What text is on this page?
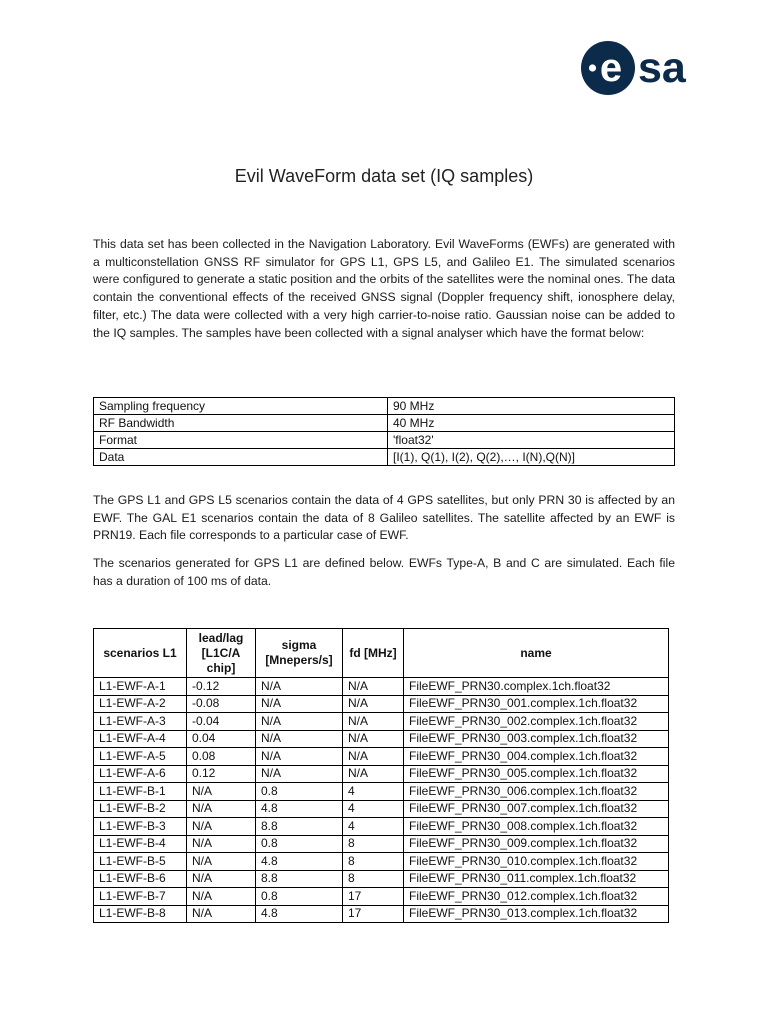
e sa
Evil WaveForm data set (IQ samples)
This data set has been collected in the Navigation Laboratory. Evil WaveForms (EWFs) are generated with a multiconstellation GNSS RF simulator for GPS L1, GPS L5, and Galileo E1. The simulated scenarios were configured to generate a static position and the orbits of the satellites were the nominal ones. The data contain the conventional effects of the received GNSS signal (Doppler frequency shift, ionosphere delay, filter, etc.) The data were collected with a very high carrier-to-noise ratio. Gaussian noise can be added to the IQ samples. The samples have been collected with a signal analyser which have the format below:
Sampling frequency	90 MHz
RF Bandwidth	40 MHz
Format	'float32'
Data	[I(1), Q(1), I(2), Q(2),…, I(N),Q(N)]
The GPS L1 and GPS L5 scenarios contain the data of 4 GPS satellites, but only PRN 30 is affected by an EWF. The GAL E1 scenarios contain the data of 8 Galileo satellites. The satellite affected by an EWF is PRN19. Each file corresponds to a particular case of EWF.
The scenarios generated for GPS L1 are defined below. EWFs Type-A, B and C are simulated. Each file has a duration of 100 ms of data.
scenarios L1	lead/lag [L1C/A chip]	sigma [Mnepers/s]	fd [MHz]	name
L1-EWF-A-1	-0.12	N/A	N/A	FileEWF_PRN30.complex.1ch.float32
L1-EWF-A-2	-0.08	N/A	N/A	FileEWF_PRN30_001.complex.1ch.float32
L1-EWF-A-3	-0.04	N/A	N/A	FileEWF_PRN30_002.complex.1ch.float32
L1-EWF-A-4	0.04	N/A	N/A	FileEWF_PRN30_003.complex.1ch.float32
L1-EWF-A-5	0.08	N/A	N/A	FileEWF_PRN30_004.complex.1ch.float32
L1-EWF-A-6	0.12	N/A	N/A	FileEWF_PRN30_005.complex.1ch.float32
L1-EWF-B-1	N/A	0.8	4	FileEWF_PRN30_006.complex.1ch.float32
L1-EWF-B-2	N/A	4.8	4	FileEWF_PRN30_007.complex.1ch.float32
L1-EWF-B-3	N/A	8.8	4	FileEWF_PRN30_008.complex.1ch.float32
L1-EWF-B-4	N/A	0.8	8	FileEWF_PRN30_009.complex.1ch.float32
L1-EWF-B-5	N/A	4.8	8	FileEWF_PRN30_010.complex.1ch.float32
L1-EWF-B-6	N/A	8.8	8	FileEWF_PRN30_011.complex.1ch.float32
L1-EWF-B-7	N/A	0.8	17	FileEWF_PRN30_012.complex.1ch.float32
L1-EWF-B-8	N/A	4.8	17	FileEWF_PRN30_013.complex.1ch.float32
